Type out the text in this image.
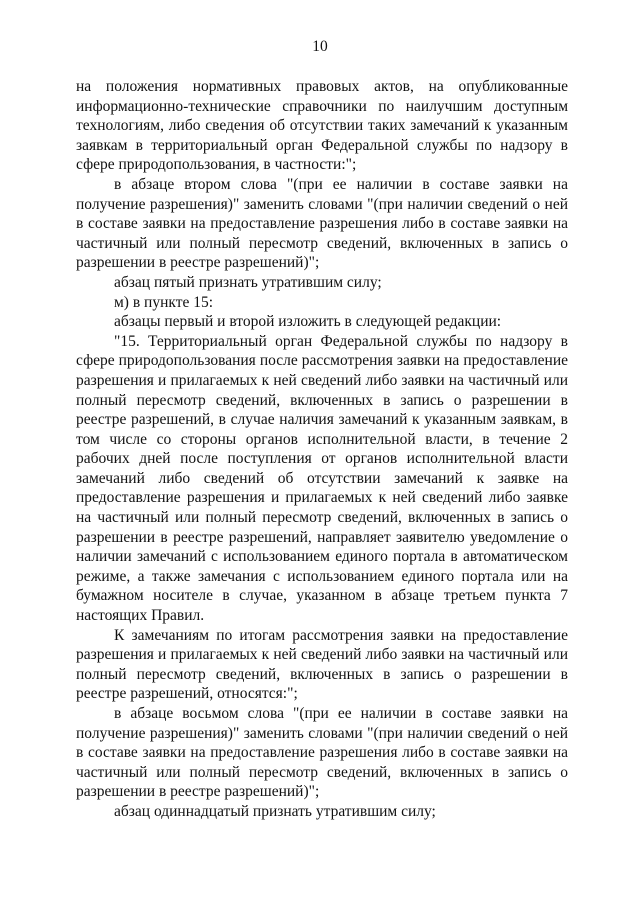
10

на положения нормативных правовых актов, на опубликованные информационно-технические справочники по наилучшим доступным технологиям, либо сведения об отсутствии таких замечаний к указанным заявкам в территориальный орган Федеральной службы по надзору в сфере природопользования, в частности:";

в абзаце втором слова "(при ее наличии в составе заявки на получение разрешения)" заменить словами "(при наличии сведений о ней в составе заявки на предоставление разрешения либо в составе заявки на частичный или полный пересмотр сведений, включенных в запись о разрешении в реестре разрешений)";

абзац пятый признать утратившим силу;

м) в пункте 15:

абзацы первый и второй изложить в следующей редакции:

"15. Территориальный орган Федеральной службы по надзору в сфере природопользования после рассмотрения заявки на предоставление разрешения и прилагаемых к ней сведений либо заявки на частичный или полный пересмотр сведений, включенных в запись о разрешении в реестре разрешений, в случае наличия замечаний к указанным заявкам, в том числе со стороны органов исполнительной власти, в течение 2 рабочих дней после поступления от органов исполнительной власти замечаний либо сведений об отсутствии замечаний к заявке на предоставление разрешения и прилагаемых к ней сведений либо заявке на частичный или полный пересмотр сведений, включенных в запись о разрешении в реестре разрешений, направляет заявителю уведомление о наличии замечаний с использованием единого портала в автоматическом режиме, а также замечания с использованием единого портала или на бумажном носителе в случае, указанном в абзаце третьем пункта 7 настоящих Правил.

К замечаниям по итогам рассмотрения заявки на предоставление разрешения и прилагаемых к ней сведений либо заявки на частичный или полный пересмотр сведений, включенных в запись о разрешении в реестре разрешений, относятся:";

в абзаце восьмом слова "(при ее наличии в составе заявки на получение разрешения)" заменить словами "(при наличии сведений о ней в составе заявки на предоставление разрешения либо в составе заявки на частичный или полный пересмотр сведений, включенных в запись о разрешении в реестре разрешений)";

абзац одиннадцатый признать утратившим силу;
